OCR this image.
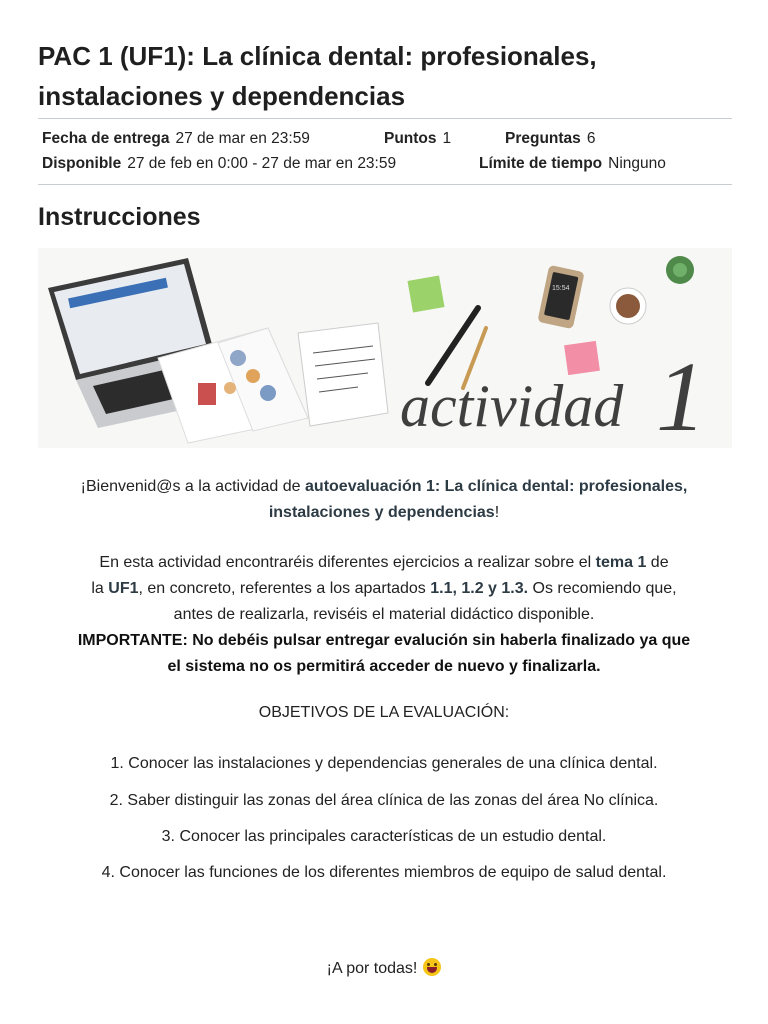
PAC 1 (UF1): La clínica dental: profesionales,
instalaciones y dependencias
Fecha de entrega 27 de mar en 23:59	Puntos 1	Preguntas 6
Disponible 27 de feb en 0:00 - 27 de mar en 23:59	Límite de tiempo Ninguno
Instrucciones
15:54
actividad 1
¡Bienvenid@s a la actividad de autoevaluación 1: La clínica dental: profesionales,
instalaciones y dependencias!
En esta actividad encontraréis diferentes ejercicios a realizar sobre el tema 1 de
la UF1, en concreto, referentes a los apartados 1.1, 1.2 y 1.3. Os recomiendo que,
antes de realizarla, reviséis el material didáctico disponible.
IMPORTANTE: No debéis pulsar entregar evalución sin haberla finalizado ya que
el sistema no os permitirá acceder de nuevo y finalizarla.
OBJETIVOS DE LA EVALUACIÓN:
1. Conocer las instalaciones y dependencias generales de una clínica dental.
2. Saber distinguir las zonas del área clínica de las zonas del área No clínica.
3. Conocer las principales características de un estudio dental.
4. Conocer las funciones de los diferentes miembros de equipo de salud dental.
¡A por todas!
